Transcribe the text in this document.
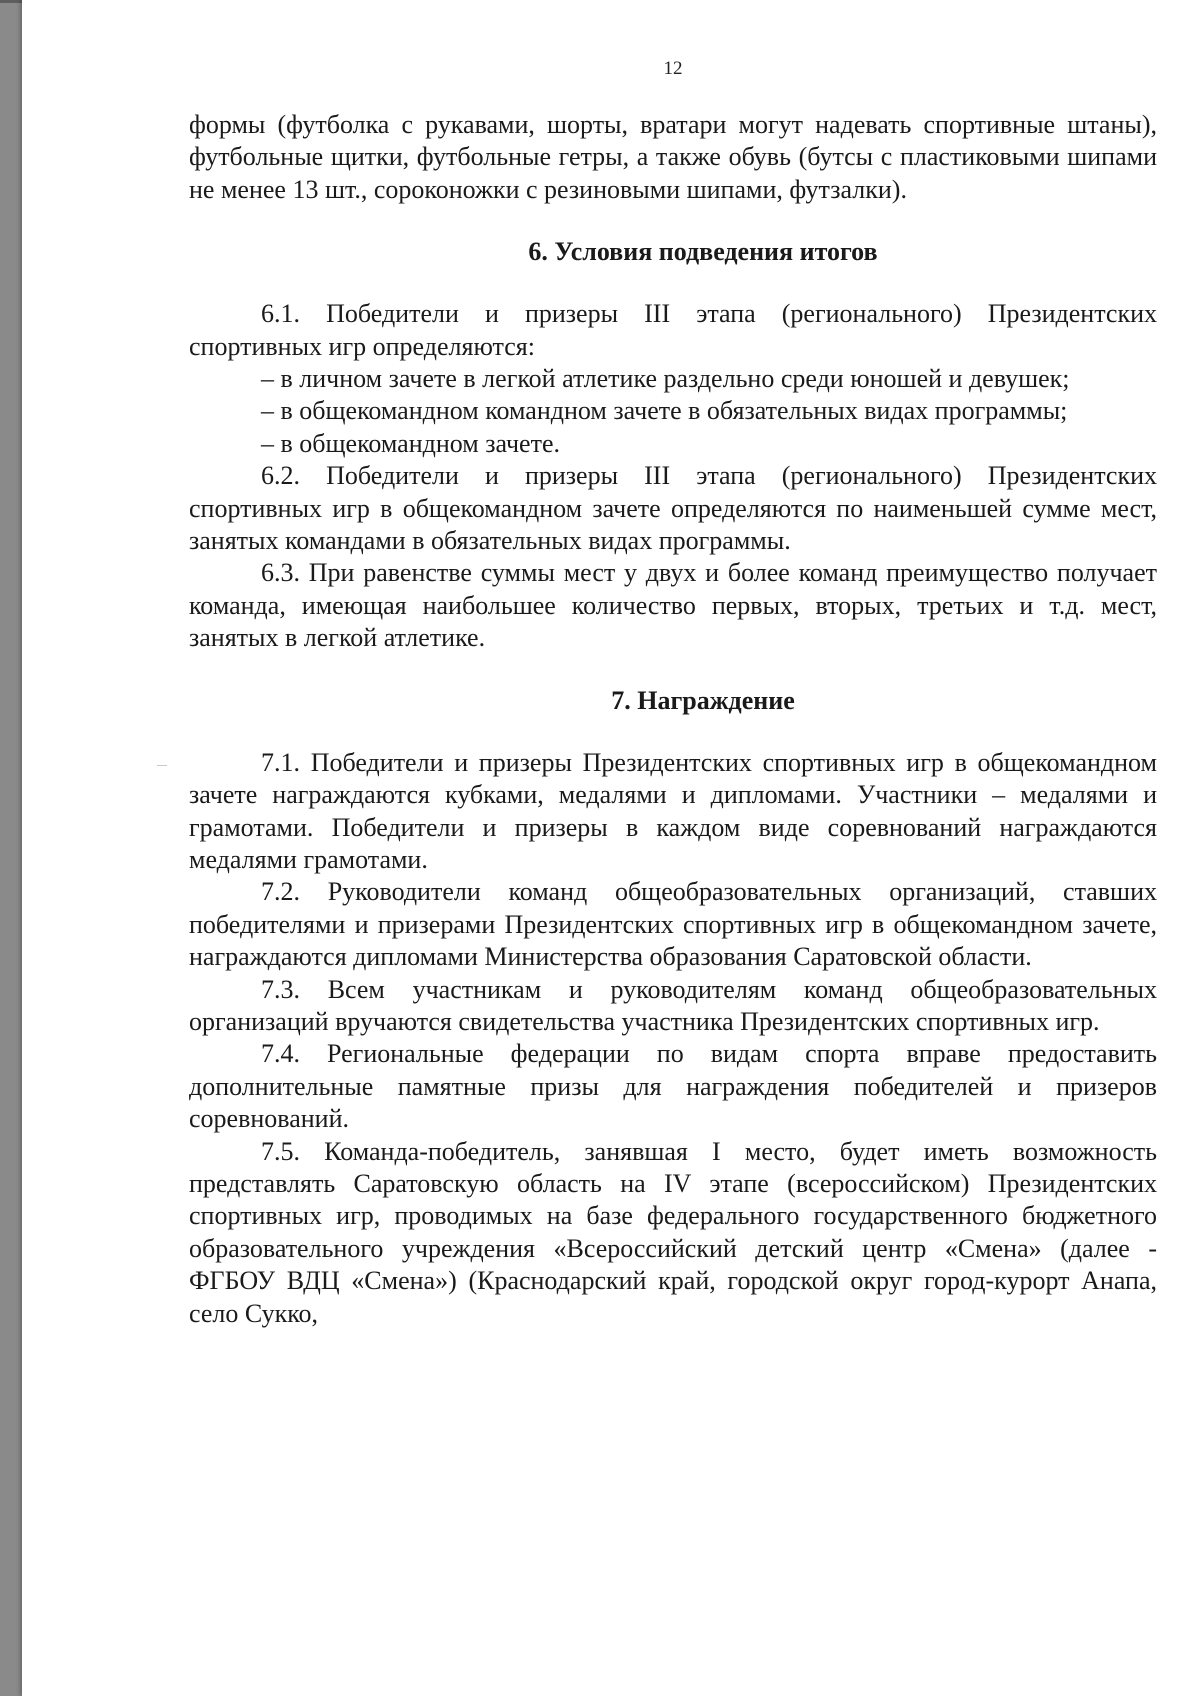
12

формы (футболка с рукавами, шорты, вратари могут надевать спортивные штаны), футбольные щитки, футбольные гетры, а также обувь (бутсы с пластиковыми шипами не менее 13 шт., сороконожки с резиновыми шипами, футзалки).

6. Условия подведения итогов

6.1. Победители и призеры III этапа (регионального) Президентских спортивных игр определяются:

– в личном зачете в легкой атлетике раздельно среди юношей и девушек;

– в общекомандном командном зачете в обязательных видах программы;

– в общекомандном зачете.

6.2. Победители и призеры III этапа (регионального) Президентских спортивных игр в общекомандном зачете определяются по наименьшей сумме мест, занятых командами в обязательных видах программы.

6.3. При равенстве суммы мест у двух и более команд преимущество получает команда, имеющая наибольшее количество первых, вторых, третьих и т.д. мест, занятых в легкой атлетике.

7. Награждение

7.1. Победители и призеры Президентских спортивных игр в общекомандном зачете награждаются кубками, медалями и дипломами. Участники – медалями и грамотами. Победители и призеры в каждом виде соревнований награждаются медалями грамотами.

7.2. Руководители команд общеобразовательных организаций, ставших победителями и призерами Президентских спортивных игр в общекомандном зачете, награждаются дипломами Министерства образования Саратовской области.

7.3. Всем участникам и руководителям команд общеобразовательных организаций вручаются свидетельства участника Президентских спортивных игр.

7.4. Региональные федерации по видам спорта вправе предоставить дополнительные памятные призы для награждения победителей и призеров соревнований.

7.5. Команда-победитель, занявшая I место, будет иметь возможность представлять Саратовскую область на IV этапе (всероссийском) Президентских спортивных игр, проводимых на базе федерального государственного бюджетного образовательного учреждения «Всероссийский детский центр «Смена» (далее - ФГБОУ ВДЦ «Смена») (Краснодарский край, городской округ город-курорт Анапа, село Сукко,
